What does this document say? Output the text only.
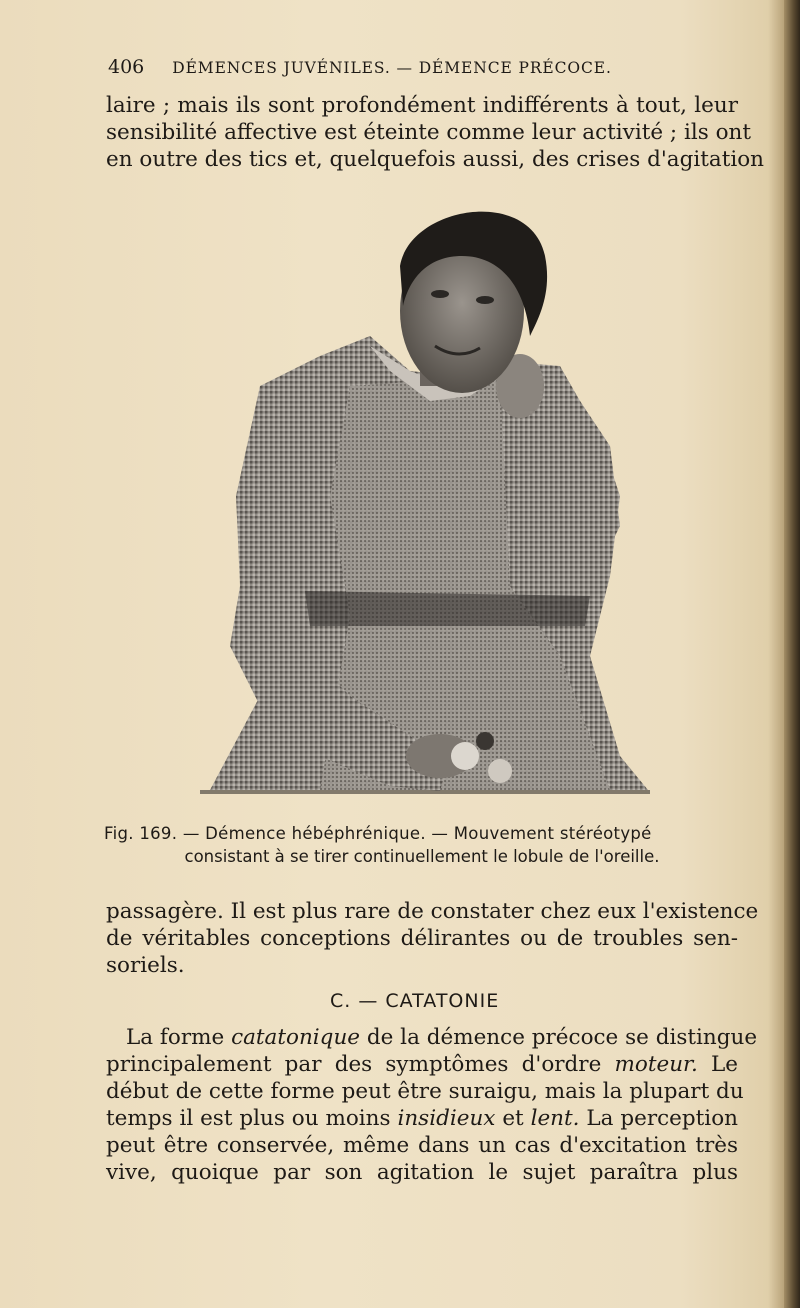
406 DÉMENCES JUVÉNILES. — DÉMENCE PRÉCOCE.
laire ; mais ils sont profondément indifférents à tout, leur
sensibilité affective est éteinte comme leur activité ; ils ont
en outre des tics et, quelquefois aussi, des crises d'agitation
Fig. 169. — Démence hébéphrénique. — Mouvement stéréotypé
consistant à se tirer continuellement le lobule de l'oreille.
passagère. Il est plus rare de constater chez eux l'existence
de véritables conceptions délirantes ou de troubles sen-
soriels.
C. — CATATONIE
La forme catatonique de la démence précoce se distingue
principalement par des symptômes d'ordre moteur. Le
début de cette forme peut être suraigu, mais la plupart du
temps il est plus ou moins insidieux et lent. La perception
peut être conservée, même dans un cas d'excitation très
vive, quoique par son agitation le sujet paraîtra plus
